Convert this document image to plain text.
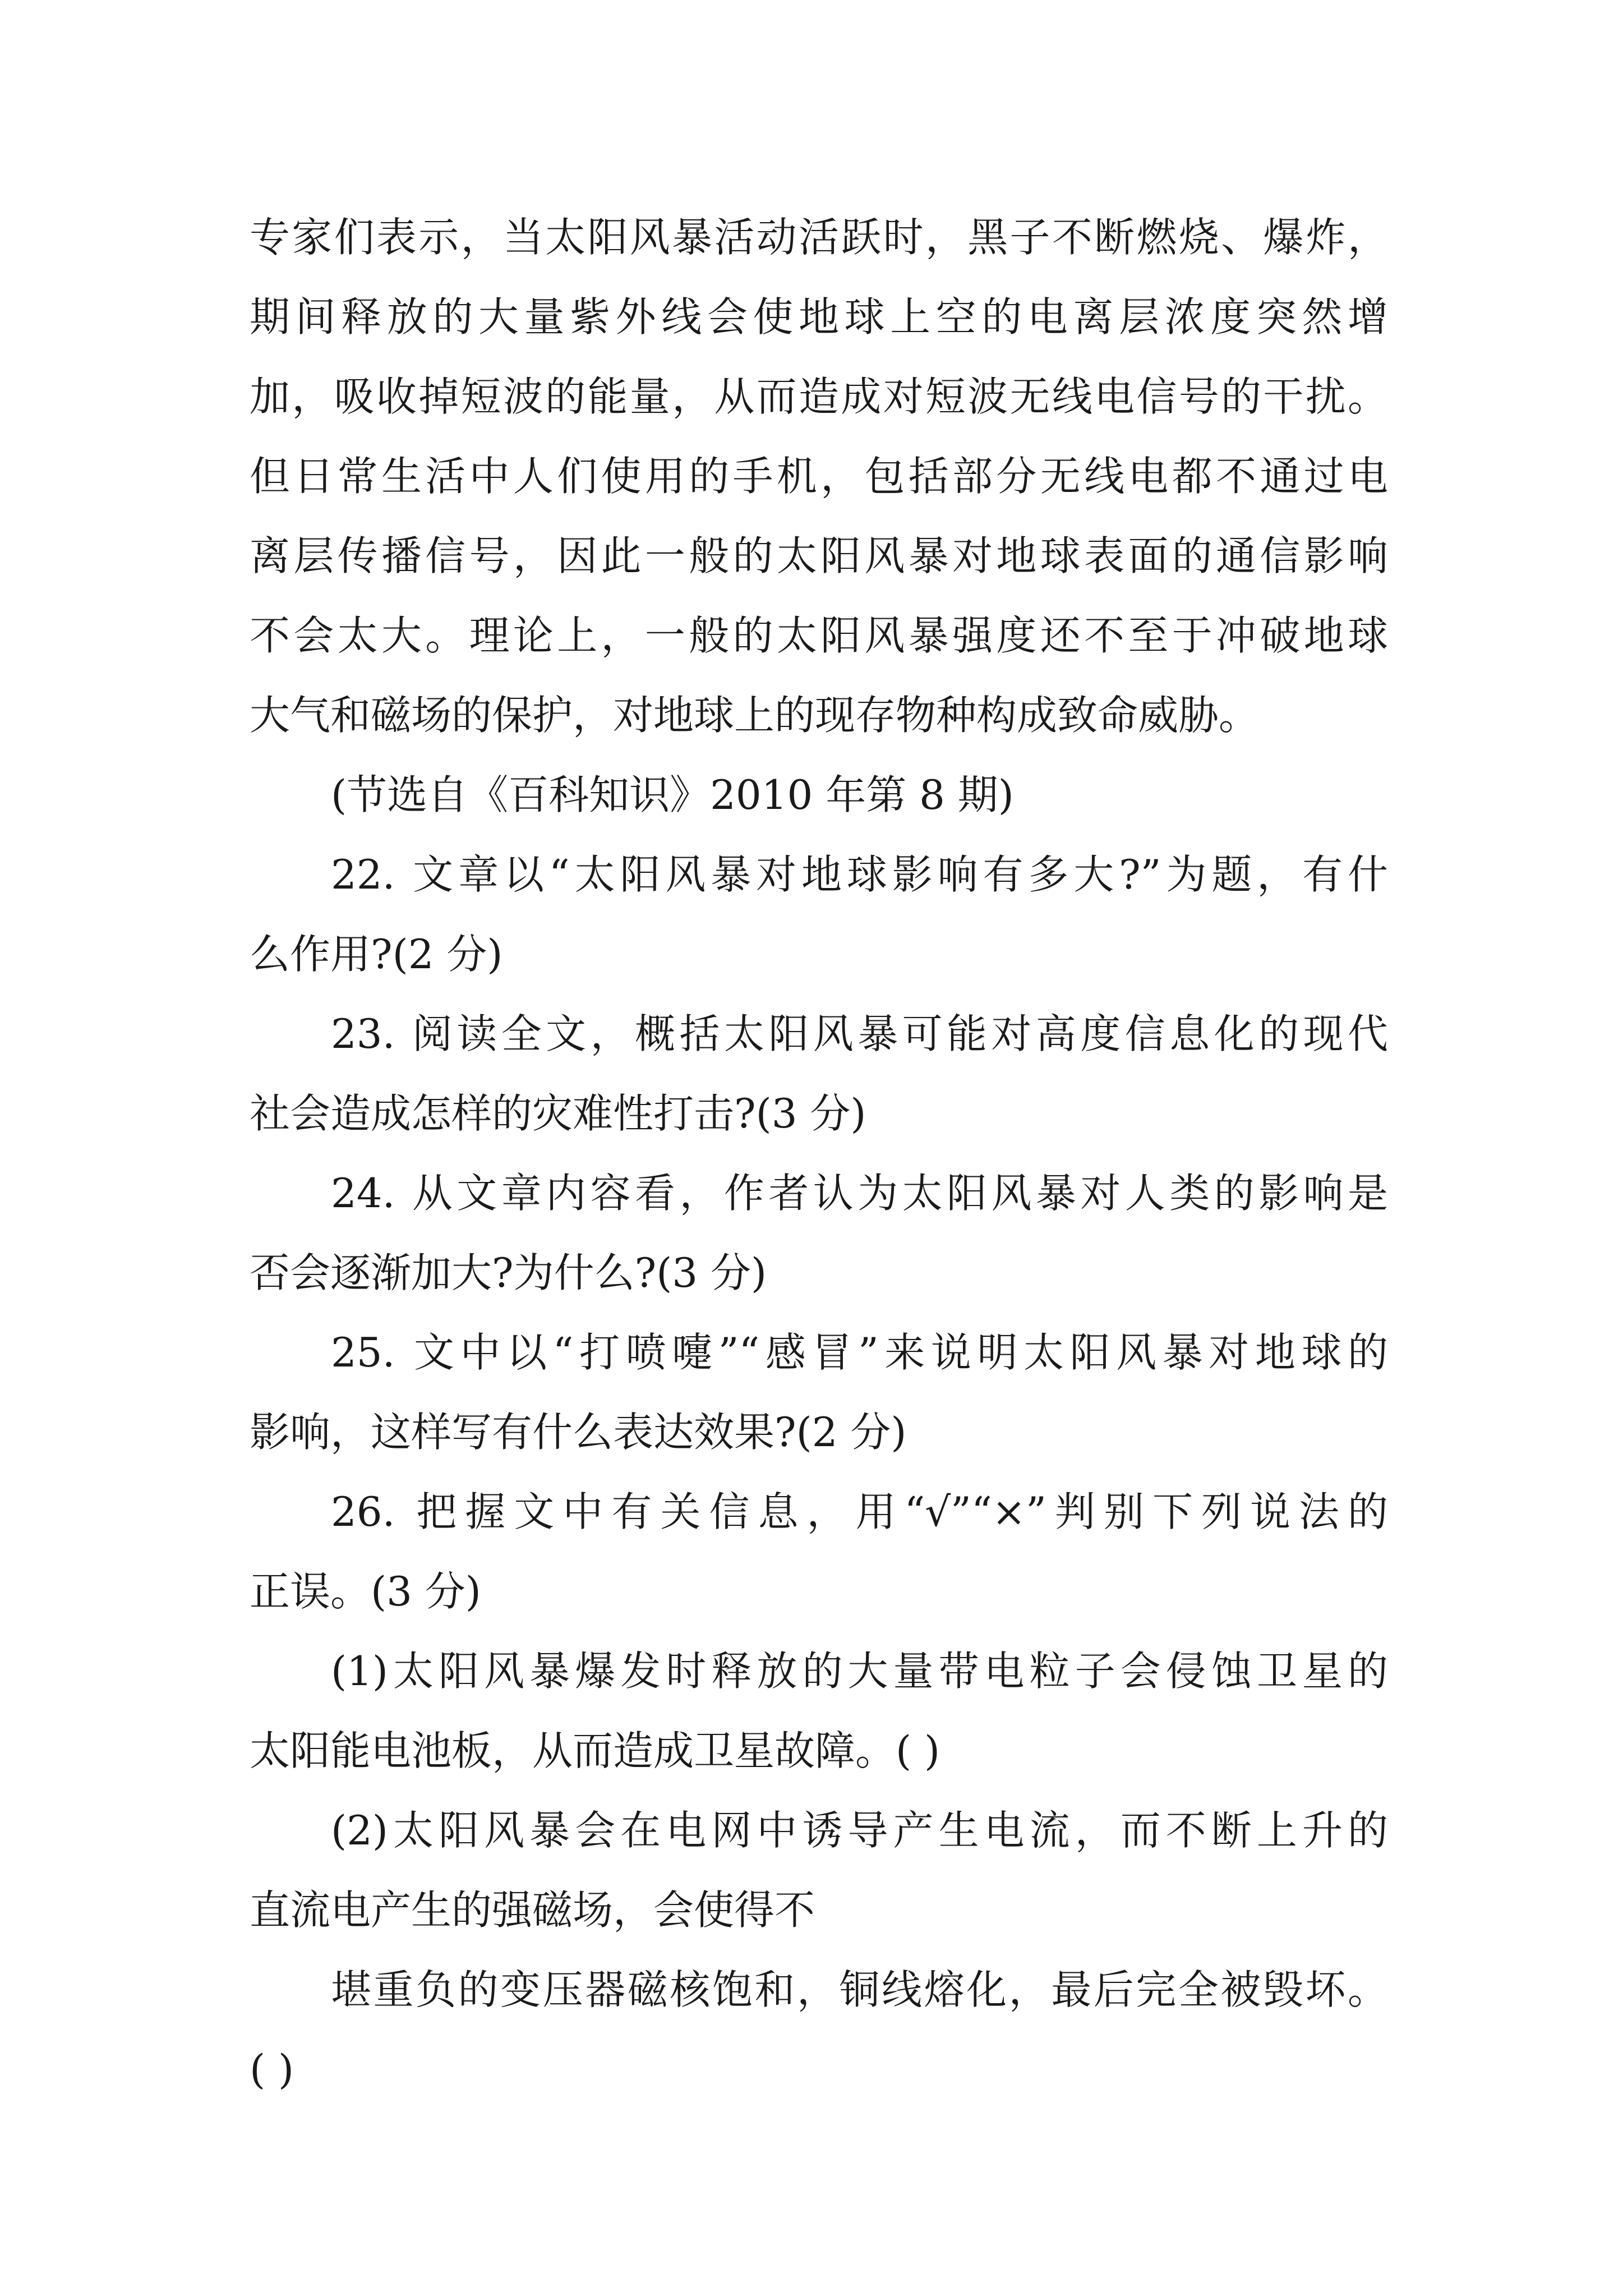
专家们表示，当太阳风暴活动活跃时，黑子不断燃烧、爆炸，
期间释放的大量紫外线会使地球上空的电离层浓度突然增
加，吸收掉短波的能量，从而造成对短波无线电信号的干扰。
但日常生活中人们使用的手机，包括部分无线电都不通过电
离层传播信号，因此一般的太阳风暴对地球表面的通信影响
不会太大。理论上，一般的太阳风暴强度还不至于冲破地球
大气和磁场的保护，对地球上的现存物种构成致命威胁。
(节选自《百科知识》2010 年第 8 期)
22. 文章以“太阳风暴对地球影响有多大?”为题，有什
么作用?(2 分)
23. 阅读全文，概括太阳风暴可能对高度信息化的现代
社会造成怎样的灾难性打击?(3 分)
24. 从文章内容看，作者认为太阳风暴对人类的影响是
否会逐渐加大?为什么?(3 分)
25. 文中以“打喷嚏”“感冒”来说明太阳风暴对地球的
影响，这样写有什么表达效果?(2 分)
26. 把握文中有关信息，用“√”“×”判别下列说法的
正误。(3 分)
(1)太阳风暴爆发时释放的大量带电粒子会侵蚀卫星的
太阳能电池板，从而造成卫星故障。( )
(2)太阳风暴会在电网中诱导产生电流，而不断上升的
直流电产生的强磁场，会使得不
堪重负的变压器磁核饱和，铜线熔化，最后完全被毁坏。
( )
